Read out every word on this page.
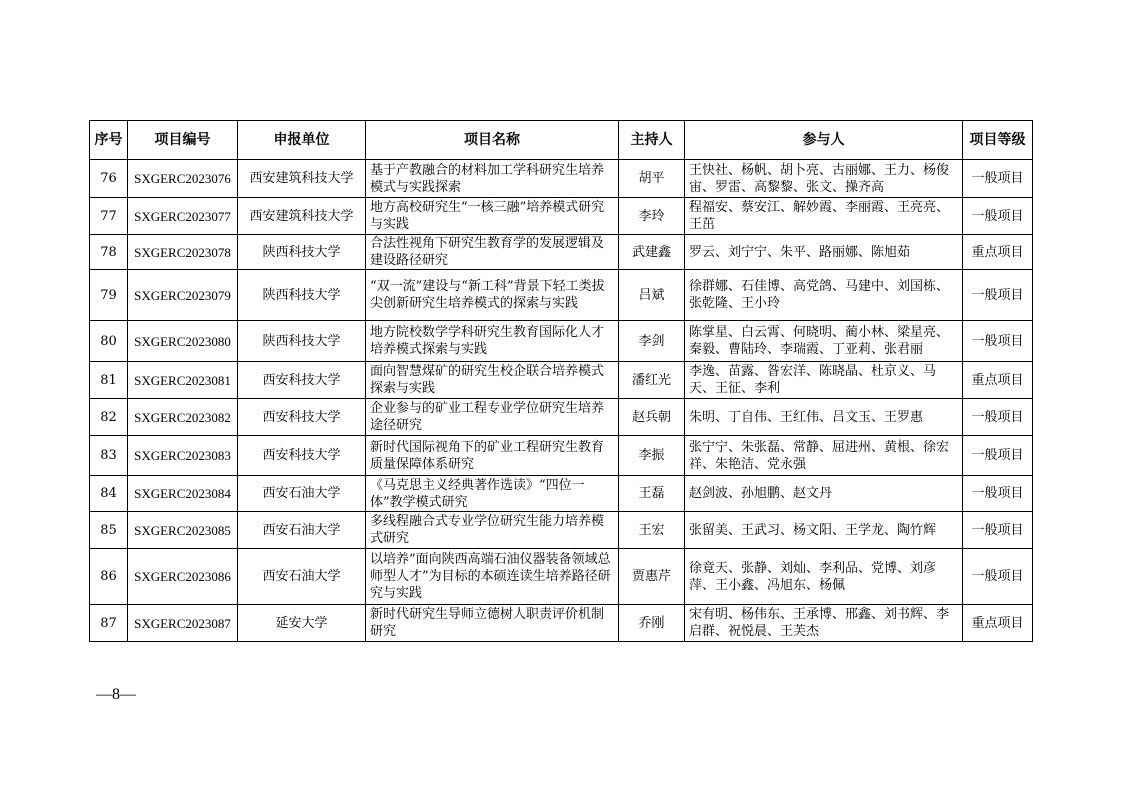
序号	项目编号	申报单位	项目名称	主持人	参与人	项目等级
76	SXGERC2023076	西安建筑科技大学	基于产教融合的材料加工学科研究生培养模式与实践探索	胡平	王快社、杨帆、胡卜亮、古丽娜、王力、杨俊宙、罗雷、高黎黎、张文、操齐高	一般项目
77	SXGERC2023077	西安建筑科技大学	地方高校研究生“一核三融”培养模式研究与实践	李玲	程福安、蔡安江、解妙霞、李丽霞、王亮亮、王茁	一般项目
78	SXGERC2023078	陕西科技大学	合法性视角下研究生教育学的发展逻辑及建设路径研究	武建鑫	罗云、刘宁宁、朱平、路丽娜、陈旭茹	重点项目
79	SXGERC2023079	陕西科技大学	“双一流”建设与“新工科”背景下轻工类拔尖创新研究生培养模式的探索与实践	吕斌	徐群娜、石佳博、高党鸽、马建中、刘国栋、张乾隆、王小玲	一般项目
80	SXGERC2023080	陕西科技大学	地方院校数学学科研究生教育国际化人才培养模式探索与实践	李剑	陈掌星、白云霄、何晓明、蔺小林、梁星亮、秦毅、曹陆玲、李瑞霞、丁亚莉、张君丽	一般项目
81	SXGERC2023081	西安科技大学	面向智慧煤矿的研究生校企联合培养模式探索与实践	潘红光	李逸、苗露、昝宏洋、陈晓晶、杜京义、马天、王征、李利	重点项目
82	SXGERC2023082	西安科技大学	企业参与的矿业工程专业学位研究生培养途径研究	赵兵朝	朱明、丁自伟、王红伟、吕文玉、王罗惠	一般项目
83	SXGERC2023083	西安科技大学	新时代国际视角下的矿业工程研究生教育质量保障体系研究	李振	张宁宁、朱张磊、常静、屈进州、黄根、徐宏祥、朱艳洁、党永强	一般项目
84	SXGERC2023084	西安石油大学	《马克思主义经典著作选读》“四位一体”教学模式研究	王磊	赵剑波、孙旭鹏、赵文丹	一般项目
85	SXGERC2023085	西安石油大学	多线程融合式专业学位研究生能力培养模式研究	王宏	张留美、王武习、杨文阳、王学龙、陶竹辉	一般项目
86	SXGERC2023086	西安石油大学	以培养“面向陕西高端石油仪器装备领域总师型人才”为目标的本硕连读生培养路径研究与实践	贾惠芹	徐竟天、张静、刘灿、李利品、党博、刘彦萍、王小鑫、冯旭东、杨佩	一般项目
87	SXGERC2023087	延安大学	新时代研究生导师立德树人职责评价机制研究	乔刚	宋有明、杨伟东、王承博、邢鑫、刘书辉、李启群、祝悦晨、王芙杰	重点项目
—8—
